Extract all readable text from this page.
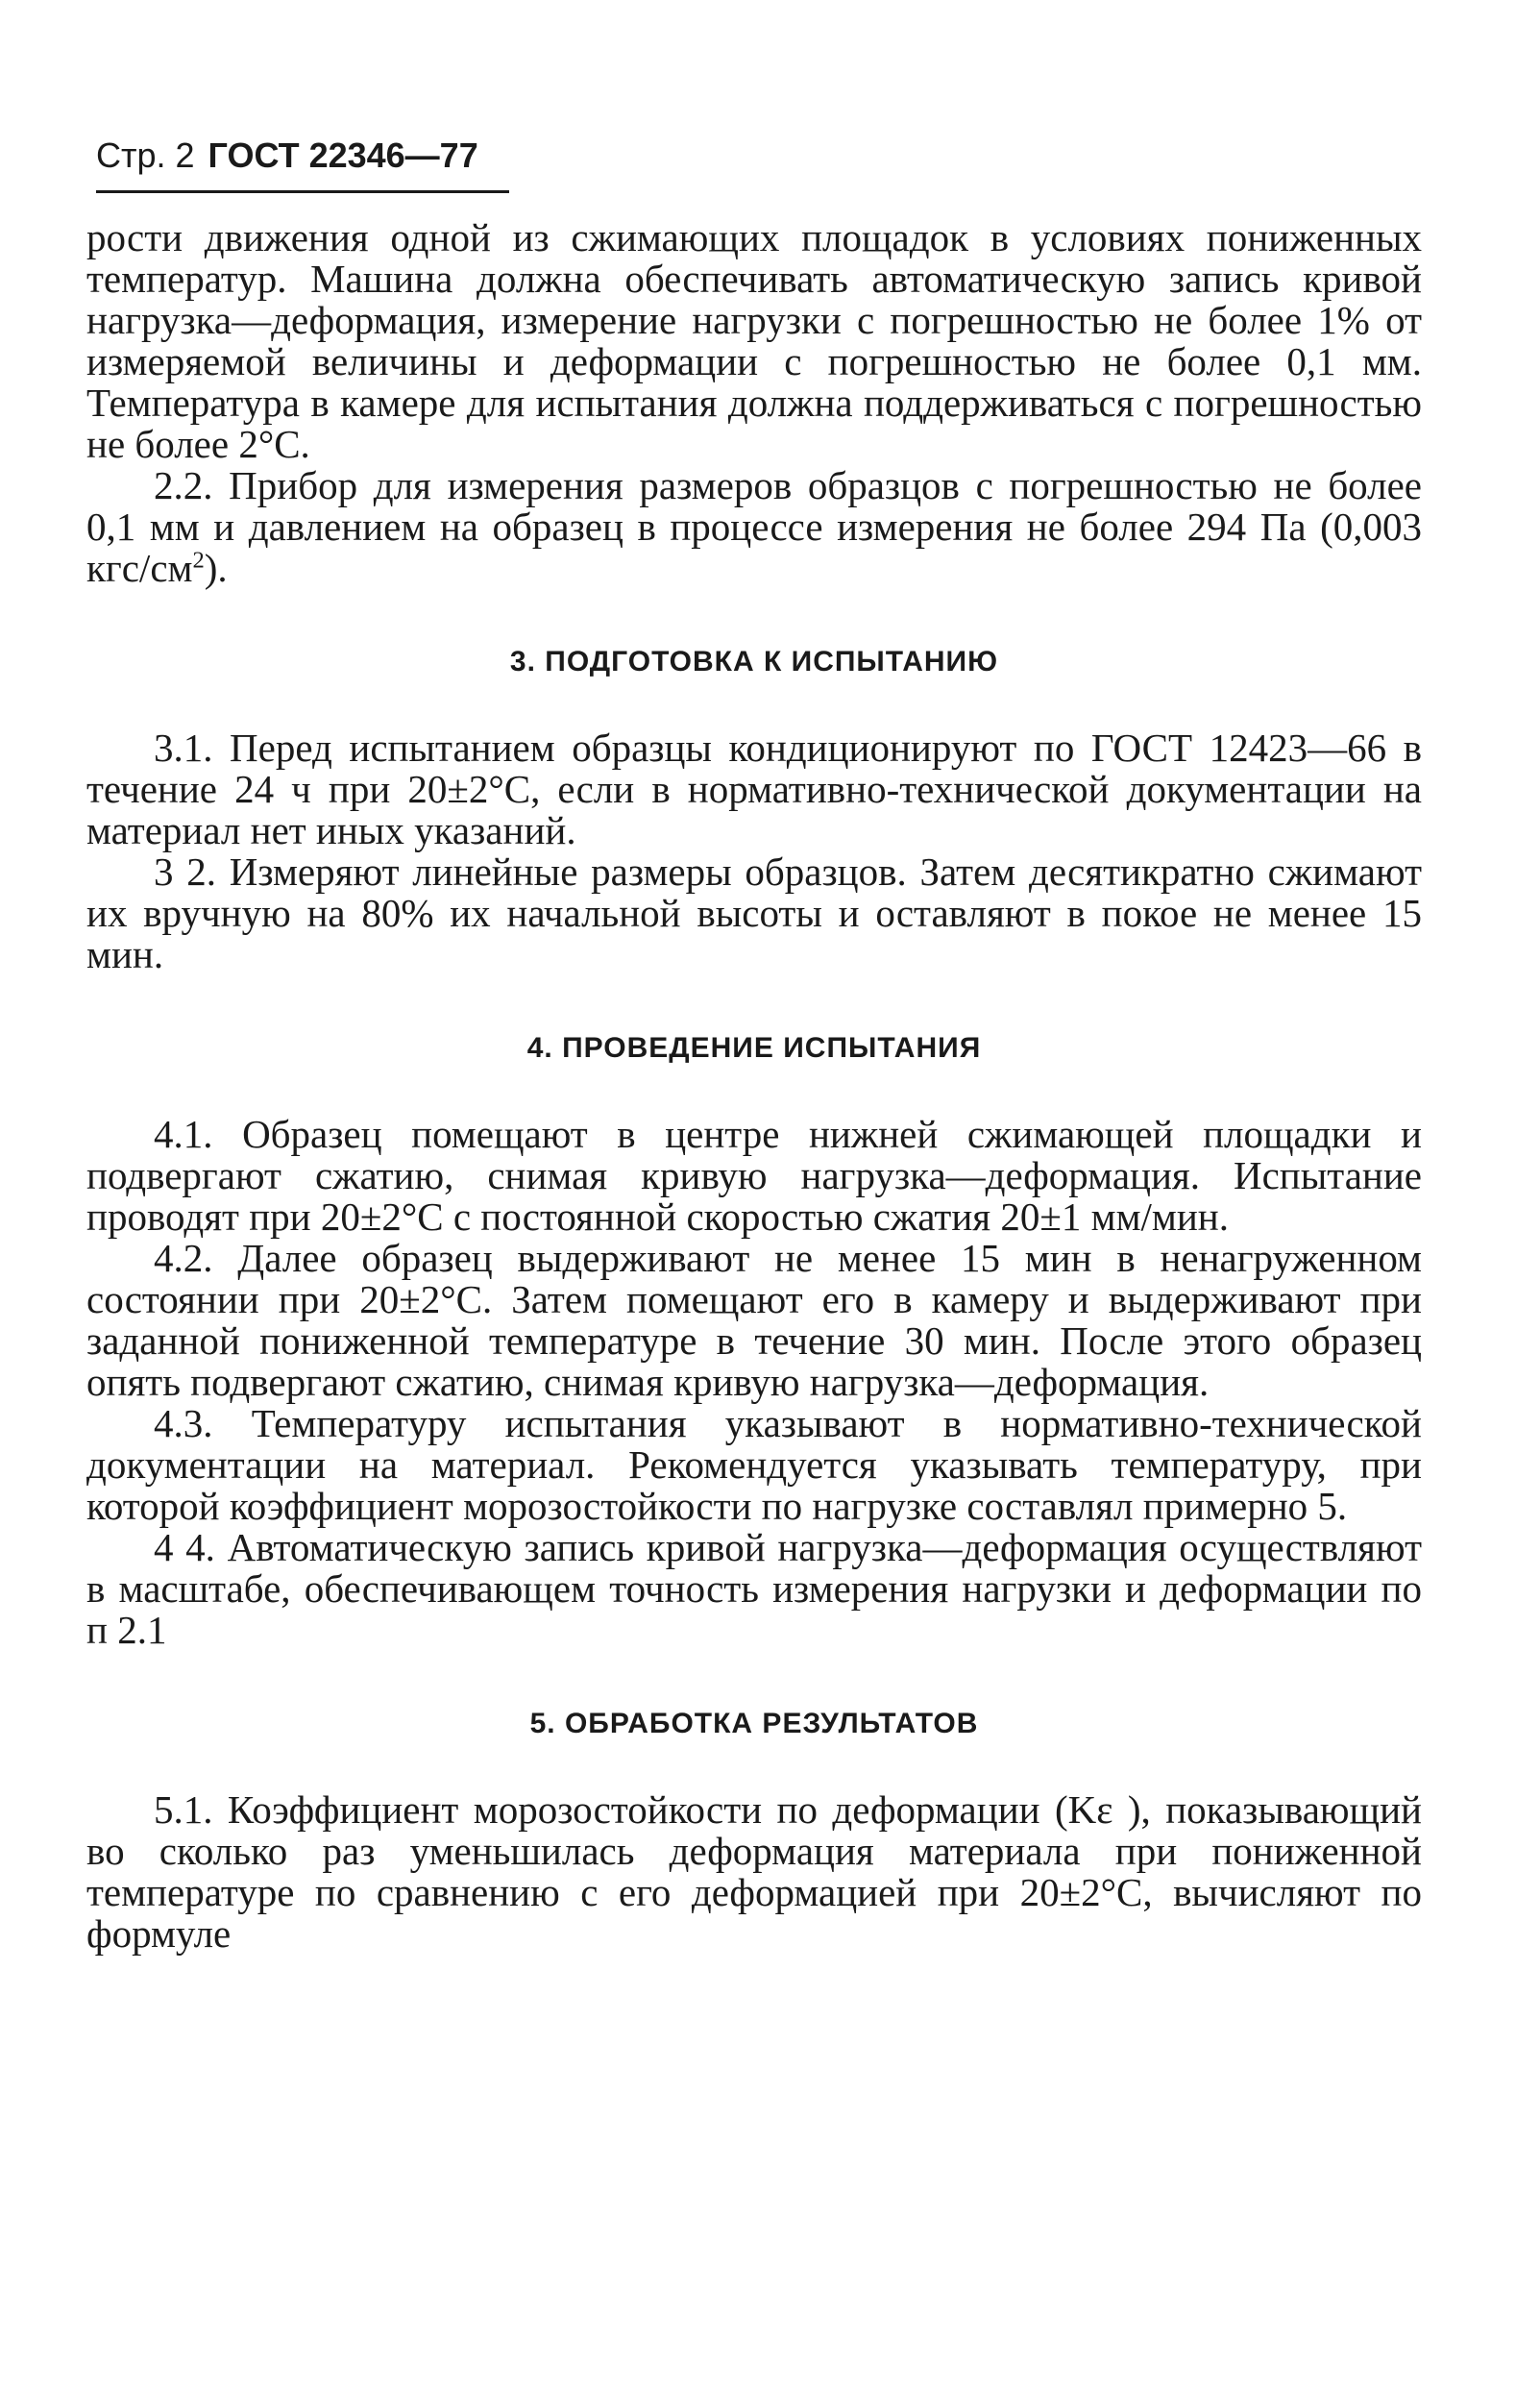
Стр. 2 ГОСТ 22346—77

рости движения одной из сжимающих площадок в условиях пониженных температур. Машина должна обеспечивать автоматическую запись кривой нагрузка—деформация, измерение нагрузки с погрешностью не более 1% от измеряемой величины и деформации с погрешностью не более 0,1 мм. Температура в камере для испытания должна поддерживаться с погрешностью не более 2°С.

2.2. Прибор для измерения размеров образцов с погрешностью не более 0,1 мм и давлением на образец в процессе измерения не более 294 Па (0,003 кгс/$см^2$).

3. ПОДГОТОВКА К ИСПЫТАНИЮ

3.1. Перед испытанием образцы кондиционируют по ГОСТ 12423—66 в течение 24 ч при 20±2°С, если в нормативно-технической документации на материал нет иных указаний.

3 2. Измеряют линейные размеры образцов. Затем десятикратно сжимают их вручную на 80% их начальной высоты и оставляют в покое не менее 15 мин.

4. ПРОВЕДЕНИЕ ИСПЫТАНИЯ

4.1. Образец помещают в центре нижней сжимающей площадки и подвергают сжатию, снимая кривую нагрузка—деформация. Испытание проводят при 20±2°С с постоянной скоростью сжатия 20±1 мм/мин.

4.2. Далее образец выдерживают не менее 15 мин в ненагруженном состоянии при 20±2°С. Затем помещают его в камеру и выдерживают при заданной пониженной температуре в течение 30 мин. После этого образец опять подвергают сжатию, снимая кривую нагрузка—деформация.

4.3. Температуру испытания указывают в нормативно-технической документации на материал. Рекомендуется указывать температуру, при которой коэффициент морозостойкости по нагрузке составлял примерно 5.

4 4. Автоматическую запись кривой нагрузка—деформация осуществляют в масштабе, обеспечивающем точность измерения нагрузки и деформации по п 2.1

5. ОБРАБОТКА РЕЗУЛЬТАТОВ

5.1. Коэффициент морозостойкости по деформации (Kε ), показывающий во сколько раз уменьшилась деформация материала при пониженной температуре по сравнению с его деформацией при 20±2°С, вычисляют по формуле
